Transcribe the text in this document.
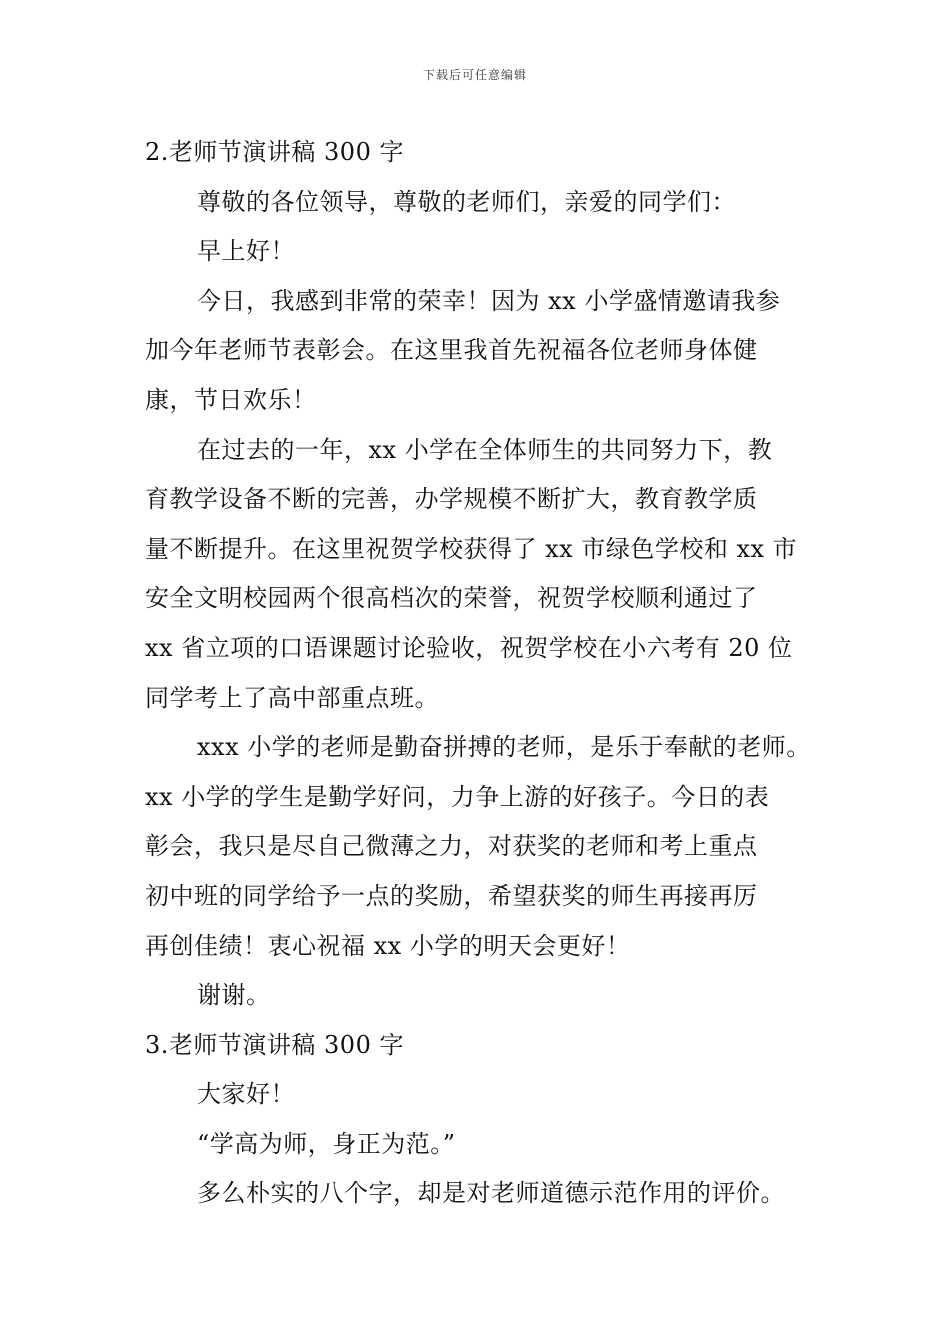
下载后可任意编辑
2.老师节演讲稿 300 字
尊敬的各位领导，尊敬的老师们，亲爱的同学们：
早上好！
今日，我感到非常的荣幸！因为 xx 小学盛情邀请我参
加今年老师节表彰会。在这里我首先祝福各位老师身体健
康，节日欢乐！
在过去的一年，xx 小学在全体师生的共同努力下，教
育教学设备不断的完善，办学规模不断扩大，教育教学质
量不断提升。在这里祝贺学校获得了 xx 市绿色学校和 xx 市
安全文明校园两个很高档次的荣誉，祝贺学校顺利通过了
xx 省立项的口语课题讨论验收，祝贺学校在小六考有 20 位
同学考上了高中部重点班。
xxx 小学的老师是勤奋拼搏的老师，是乐于奉献的老师。
xx 小学的学生是勤学好问，力争上游的好孩子。今日的表
彰会，我只是尽自己微薄之力，对获奖的老师和考上重点
初中班的同学给予一点的奖励，希望获奖的师生再接再厉
再创佳绩！衷心祝福 xx 小学的明天会更好！
谢谢。
3.老师节演讲稿 300 字
大家好！
“学高为师，身正为范。”
多么朴实的八个字，却是对老师道德示范作用的评价。
